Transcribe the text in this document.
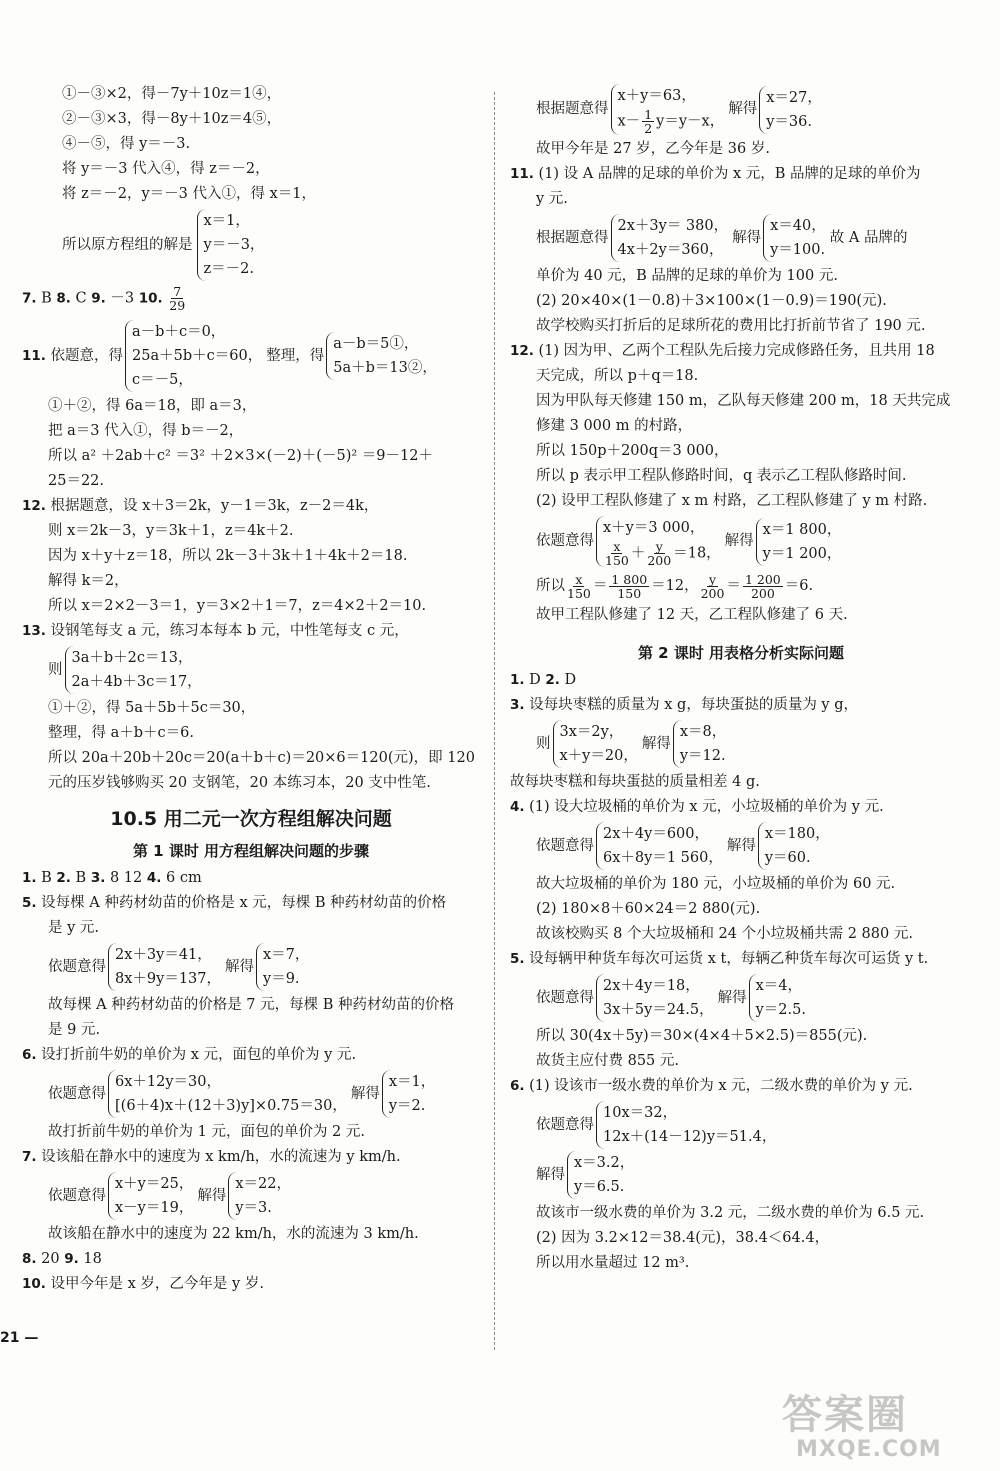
①－③×2，得－7y＋10z＝1④，
②－③×3，得－8y＋10z＝4⑤，
④－⑤，得 y＝－3.
将 y＝－3 代入④，得 z＝－2，
将 z＝－2，y＝－3 代入①，得 x＝1，
所以原方程组的解是
x＝1，
y＝－3，
z＝－2.
7. B 8. C 9. －3 10. $\frac{7}{29}$
11.
依题意，得
a－b＋c＝0，
25a＋5b＋c＝60，
c＝－5，
整理，得
a－b＝5①，
5a＋b＝13②，
①＋②，得 6a＝18，即 a＝3，
把 a＝3 代入①，得 b＝－2，
所以 a² ＋2ab＋c² ＝3² ＋2×3×(－2)＋(－5)² ＝9－12＋
25＝22.
12. 根据题意，设 x＋3＝2k，y－1＝3k，z－2＝4k，
则 x＝2k－3，y＝3k＋1，z＝4k＋2.
因为 x＋y＋z＝18，所以 2k－3＋3k＋1＋4k＋2＝18.
解得 k＝2，
所以 x＝2×2－3＝1，y＝3×2＋1＝7，z＝4×2＋2＝10.
13. 设钢笔每支 a 元，练习本每本 b 元，中性笔每支 c 元，
则
3a＋b＋2c＝13，
2a＋4b＋3c＝17，
①＋②，得 5a＋5b＋5c＝30，
整理，得 a＋b＋c＝6.
所以 20a＋20b＋20c＝20(a＋b＋c)＝20×6＝120(元)，即 120
元的压岁钱够购买 20 支钢笔，20 本练习本，20 支中性笔.
10.5 用二元一次方程组解决问题
第 1 课时 用方程组解决问题的步骤
1. B 2. B 3. 8 12 4. 6 cm
5. 设每棵 A 种药材幼苗的价格是 x 元，每棵 B 种药材幼苗的价格
是 y 元.
依题意得
2x＋3y＝41，
8x＋9y＝137，
解得
x＝7，
y＝9.
故每棵 A 种药材幼苗的价格是 7 元，每棵 B 种药材幼苗的价格
是 9 元.
6. 设打折前牛奶的单价为 x 元，面包的单价为 y 元.
依题意得
6x＋12y＝30，
[(6＋4)x＋(12＋3)y]×0.75＝30，
解得
x＝1，
y＝2.
故打折前牛奶的单价为 1 元，面包的单价为 2 元.
7. 设该船在静水中的速度为 x km/h，水的流速为 y km/h.
依题意得
x＋y＝25，
x－y＝19，
解得
x＝22，
y＝3.
故该船在静水中的速度为 22 km/h，水的流速为 3 km/h.
8. 20 9. 18
10. 设甲今年是 x 岁，乙今年是 y 岁.
根据题意得
x＋y＝63，
$x- \frac{1}{2} y=y-x$，
解得
x＝27，
y＝36.
故甲今年是 27 岁，乙今年是 36 岁.
11. (1) 设 A 品牌的足球的单价为 x 元，B 品牌的足球的单价为
y 元.
根据题意得
2x＋3y＝ 380，
4x＋2y＝360，
解得
x＝40，
y＝100.
故 A 品牌的
单价为 40 元，B 品牌的足球的单价为 100 元.
(2) 20×40×(1－0.8)＋3×100×(1－0.9)＝190(元).
故学校购买打折后的足球所花的费用比打折前节省了 190 元.
12. (1) 因为甲、乙两个工程队先后接力完成修路任务，且共用 18
天完成，所以 p＋q＝18.
因为甲队每天修建 150 m，乙队每天修建 200 m，18 天共完成
修建 3 000 m 的村路，
所以 150p＋200q＝3 000，
所以 p 表示甲工程队修路时间，q 表示乙工程队修路时间.
(2) 设甲工程队修建了 x m 村路，乙工程队修建了 y m 村路.
依题意得
x＋y＝3 000，
$\frac{x}{150} + \frac{y}{200} =18$，
解得
x＝1 800，
y＝1 200，
所以 $\frac{x}{150} = \frac{1 800}{150} =12$， $\frac{y}{200} = \frac{1 200}{200} =6$.
故甲工程队修建了 12 天，乙工程队修建了 6 天.
第 2 课时 用表格分析实际问题
1. D 2. D
3. 设每块枣糕的质量为 x g，每块蛋挞的质量为 y g，
则
3x＝2y，
x＋y＝20，
解得
x＝8，
y＝12.
故每块枣糕和每块蛋挞的质量相差 4 g.
4. (1) 设大垃圾桶的单价为 x 元，小垃圾桶的单价为 y 元.
依题意得
2x＋4y＝600，
6x＋8y＝1 560，
解得
x＝180，
y＝60.
故大垃圾桶的单价为 180 元，小垃圾桶的单价为 60 元.
(2) 180×8＋60×24＝2 880(元).
故该校购买 8 个大垃圾桶和 24 个小垃圾桶共需 2 880 元.
5. 设每辆甲种货车每次可运货 x t，每辆乙种货车每次可运货 y t.
依题意得
2x＋4y＝18，
3x＋5y＝24.5，
解得
x＝4，
y＝2.5.
所以 30(4x＋5y)＝30×(4×4＋5×2.5)＝855(元).
故货主应付费 855 元.
6. (1) 设该市一级水费的单价为 x 元，二级水费的单价为 y 元.
依题意得
10x＝32，
12x＋(14－12)y＝51.4，
解得
x＝3.2，
y＝6.5.
故该市一级水费的单价为 3.2 元，二级水费的单价为 6.5 元.
(2) 因为 3.2×12＝38.4(元)，38.4＜64.4，
所以用水量超过 12 m³.
21 —
答案圈
MXQE.COM
